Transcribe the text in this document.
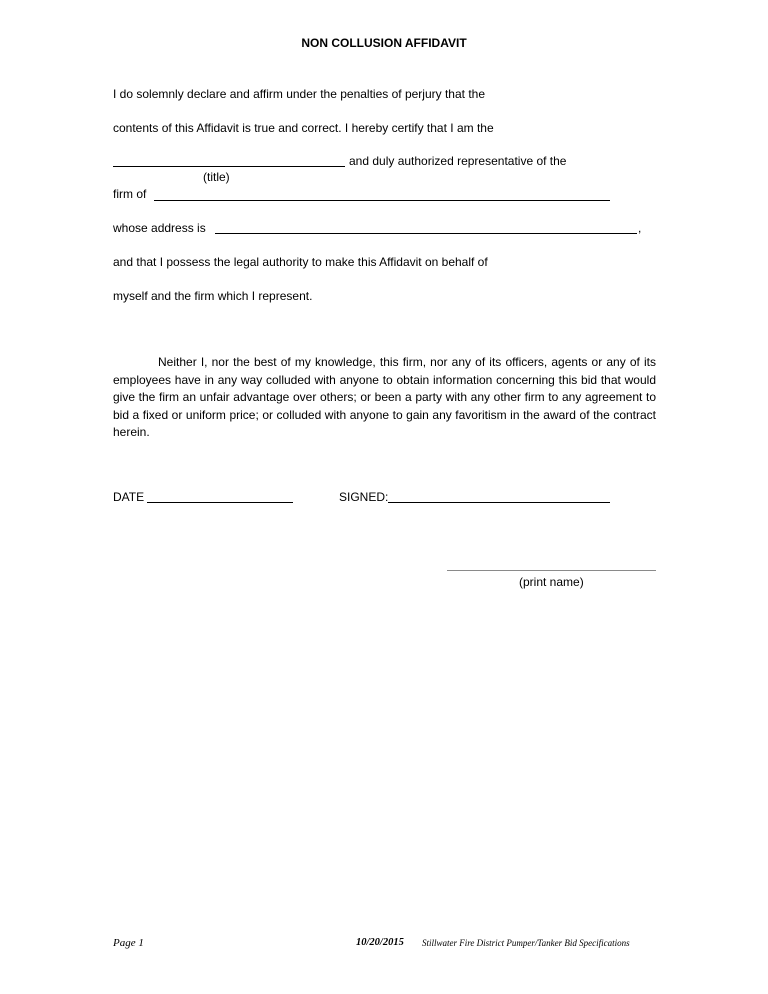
NON COLLUSION AFFIDAVIT
I do solemnly declare and affirm under the penalties of perjury that the
contents of this Affidavit is true and correct. I hereby certify that I am the
and duly authorized representative of the
(title)
firm of
whose address is	,
and that I possess the legal authority to make this Affidavit on behalf of
myself and the firm which I represent.
Neither I, nor the best of my knowledge, this firm, nor any of its officers, agents or any of its employees have in any way colluded with anyone to obtain information concerning this bid that would give the firm an unfair advantage over others; or been a party with any other firm to any agreement to bid a fixed or uniform price; or colluded with anyone to gain any favoritism in the award of the contract herein.
DATE	SIGNED:
(print name)
Page 1	10/20/2015 Stillwater Fire District Pumper/Tanker Bid Specifications
